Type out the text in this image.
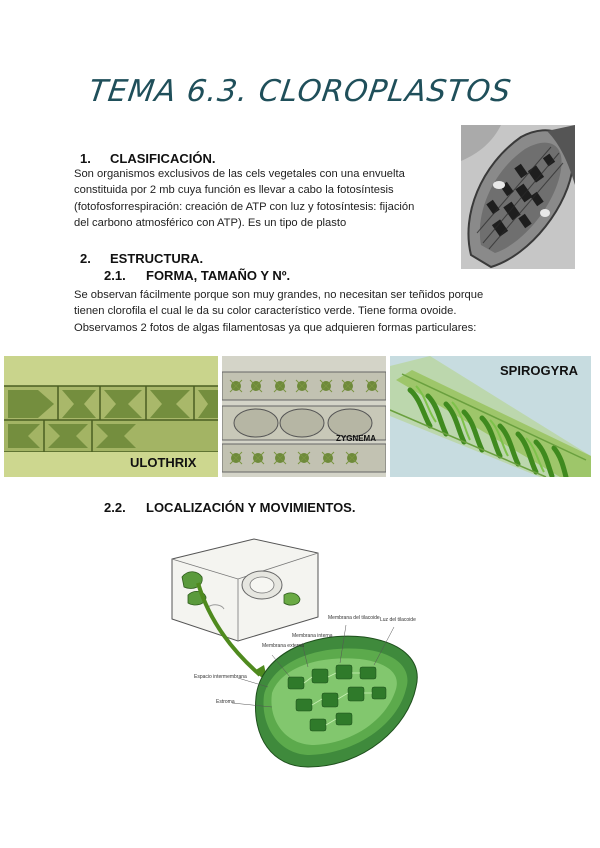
TEMA 6.3. CLOROPLASTOS
1. CLASIFICACIÓN.
Son organismos exclusivos de las cels vegetales con una envuelta
constituida por 2 mb cuya función es llevar a cabo la fotosíntesis
(fotofosforrespiración: creación de ATP con luz y fotosíntesis: fijación
del carbono atmosférico con ATP). Es un tipo de plasto
2. ESTRUCTURA.
2.1. FORMA, TAMAÑO Y Nº.
Se observan fácilmente porque son muy grandes, no necesitan ser teñidos porque
tienen clorofila el cual le da su color característico verde. Tiene forma ovoide.
Observamos 2 fotos de algas filamentosas ya que adquieren formas particulares:
ULOTHRIX
ZYGNEMA
SPIROGYRA
2.2. LOCALIZACIÓN Y MOVIMIENTOS.
Membrana externa
Membrana interna
Membrana del tilacoide Luz del tilacoide
Espacio intermembrana
Estroma
